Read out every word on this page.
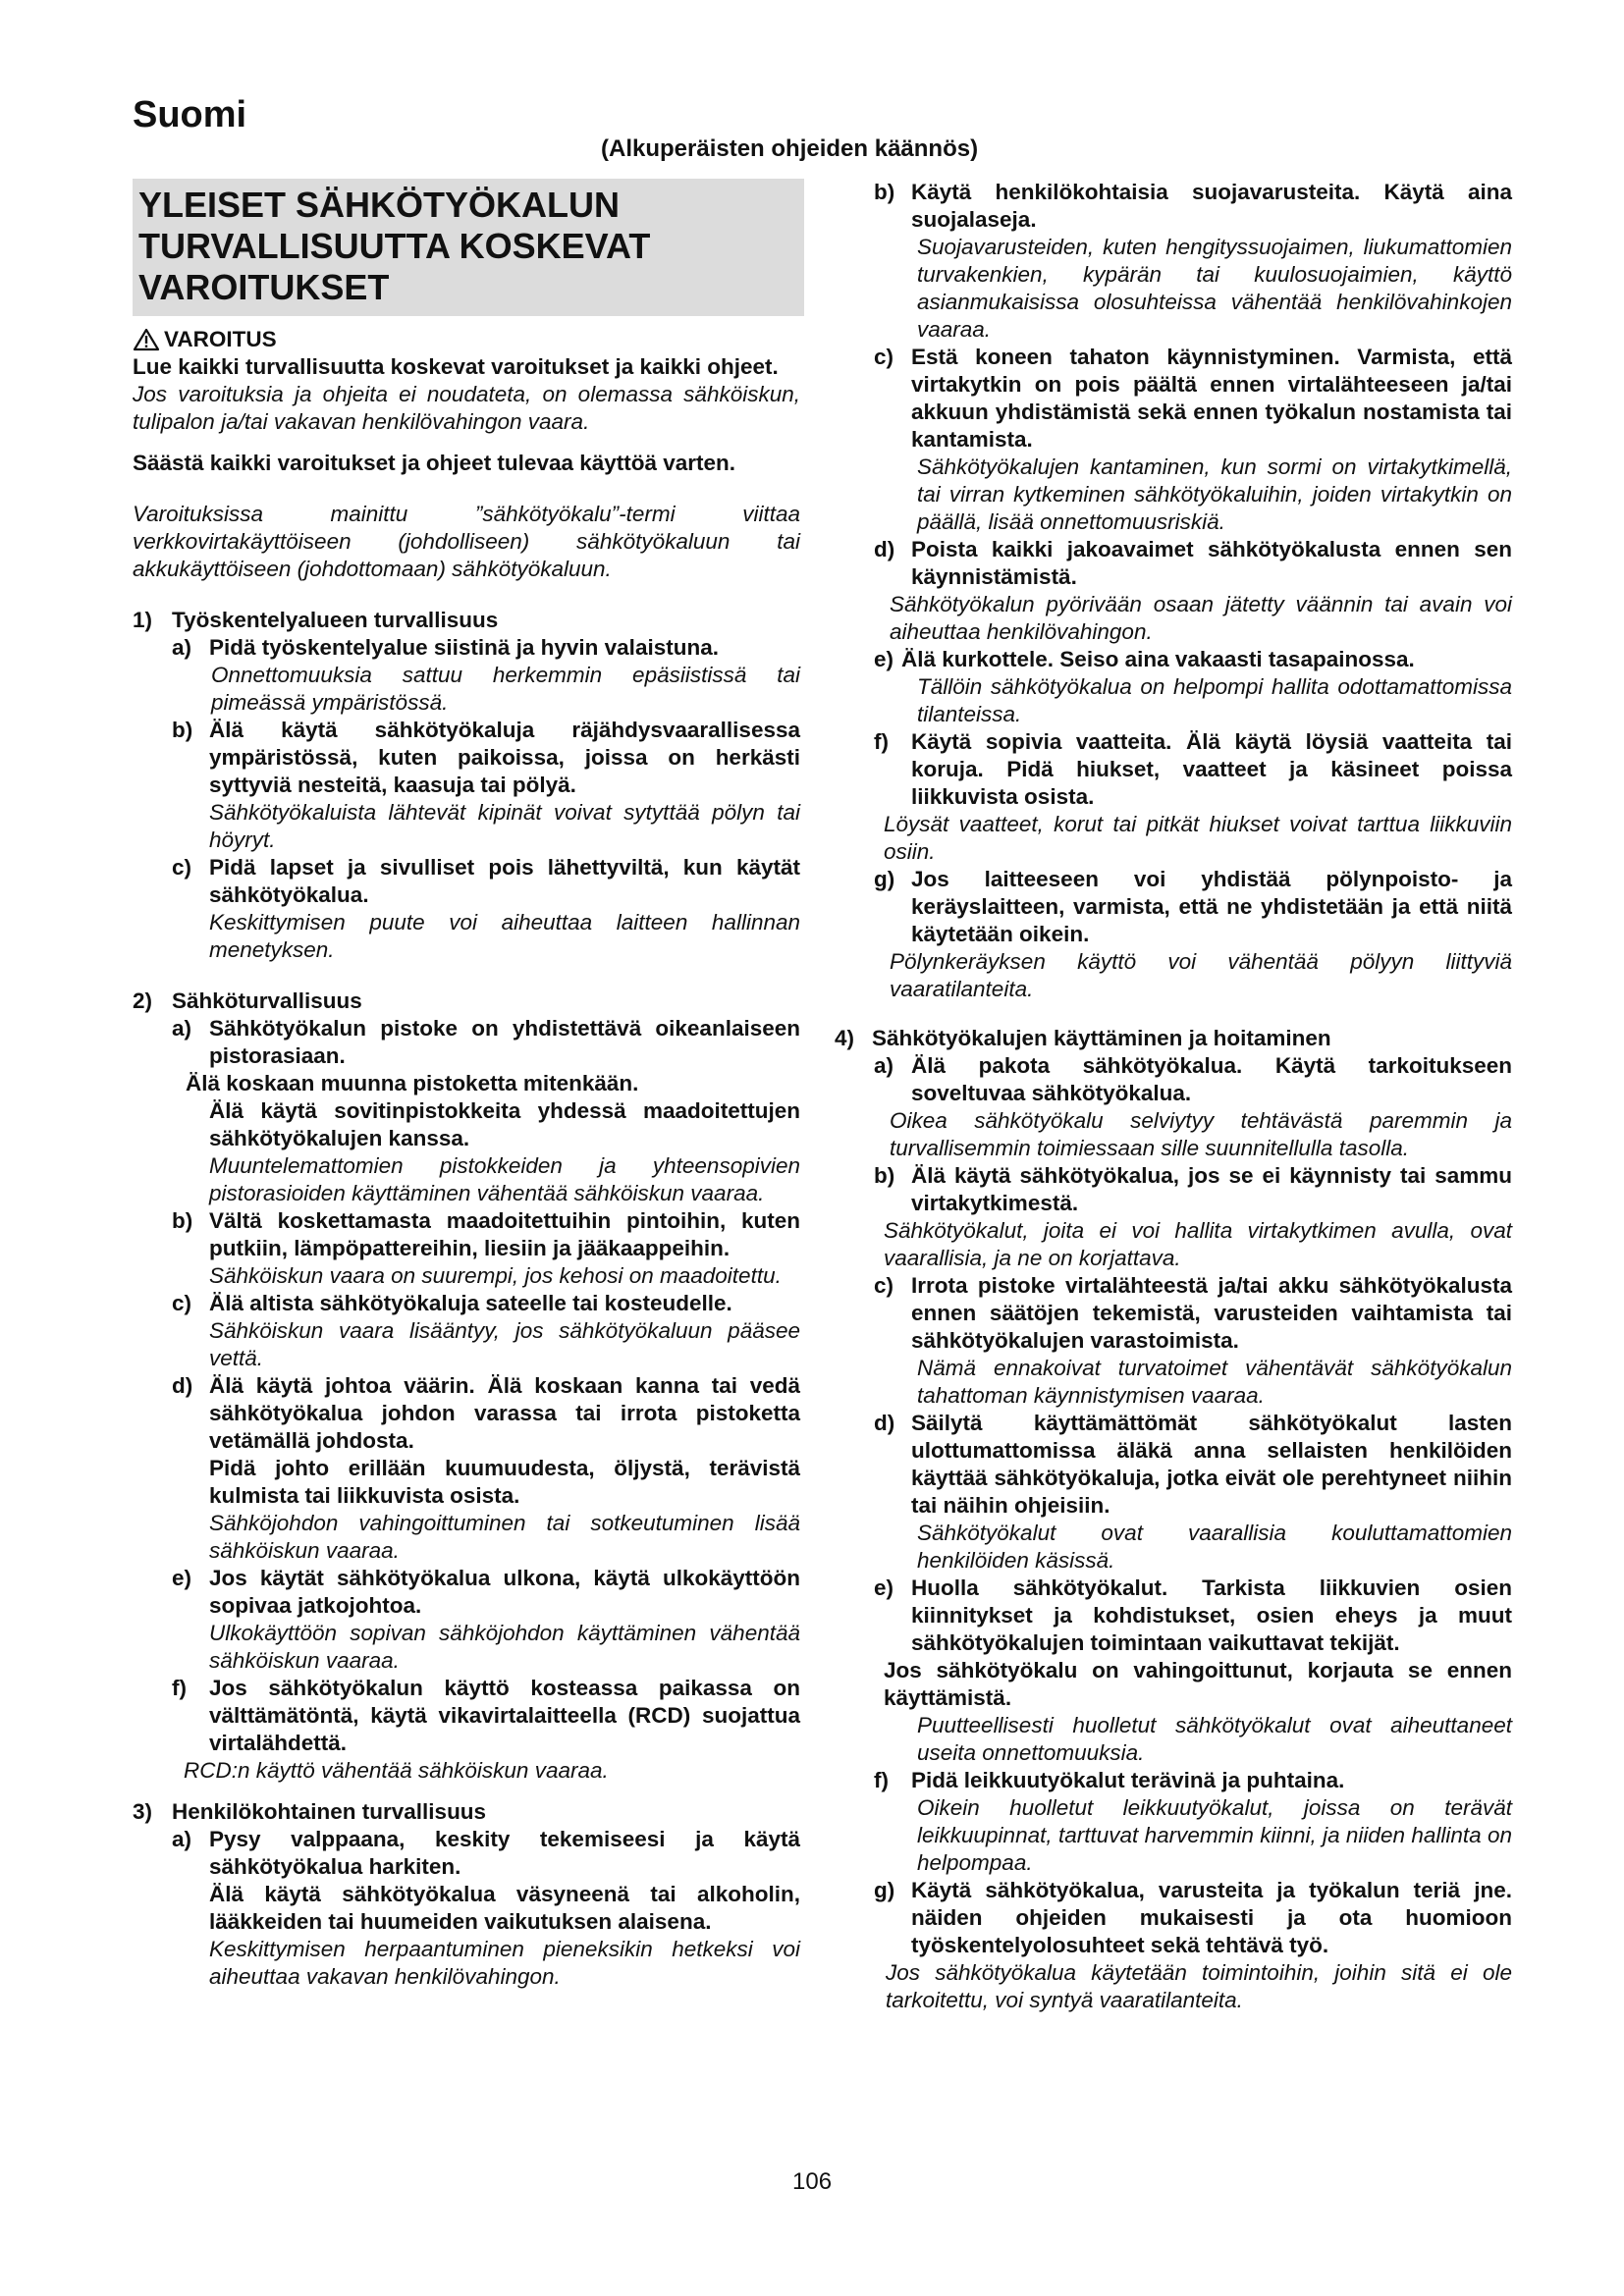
Suomi
(Alkuperäisten ohjeiden käännös)
YLEISET SÄHKÖTYÖKALUN TURVALLISUUTTA KOSKEVAT VAROITUKSET
VAROITUS

Lue kaikki turvallisuutta koskevat varoitukset ja kaikki ohjeet.

Jos varoituksia ja ohjeita ei noudateta, on olemassa sähköiskun, tulipalon ja/tai vakavan henkilövahingon vaara.

Säästä kaikki varoitukset ja ohjeet tulevaa käyttöä varten.

Varoituksissa mainittu ”sähkötyökalu”-termi viittaa verkkovirtakäyttöiseen (johdolliseen) sähkötyökaluun tai akkukäyttöiseen (johdottomaan) sähkötyökaluun.

1) Työskentelyalueen turvallisuus
a) Pidä työskentelyalue siistinä ja hyvin valaistuna.

Onnettomuuksia sattuu herkemmin epäsiistissä tai pimeässä ympäristössä.

b) Älä käytä sähkötyökaluja räjähdysvaarallisessa ympäristössä, kuten paikoissa, joissa on herkästi syttyviä nesteitä, kaasuja tai pölyä.

Sähkötyökaluista lähtevät kipinät voivat sytyttää pölyn tai höyryt.

c) Pidä lapset ja sivulliset pois lähettyviltä, kun käytät sähkötyökalua.

Keskittymisen puute voi aiheuttaa laitteen hallinnan menetyksen.

2) Sähköturvallisuus
a) Sähkötyökalun pistoke on yhdistettävä oikeanlaiseen pistorasiaan.

Älä koskaan muunna pistoketta mitenkään.

Älä käytä sovitinpistokkeita yhdessä maadoitettujen sähkötyökalujen kanssa.

Muuntelemattomien pistokkeiden ja yhteensopivien pistorasioiden käyttäminen vähentää sähköiskun vaaraa.

b) Vältä koskettamasta maadoitettuihin pintoihin, kuten putkiin, lämpöpattereihin, liesiin ja jääkaappeihin.

Sähköiskun vaara on suurempi, jos kehosi on maadoitettu.

c) Älä altista sähkötyökaluja sateelle tai kosteudelle.

Sähköiskun vaara lisääntyy, jos sähkötyökaluun pääsee vettä.

d) Älä käytä johtoa väärin. Älä koskaan kanna tai vedä sähkötyökalua johdon varassa tai irrota pistoketta vetämällä johdosta.

Pidä johto erillään kuumuudesta, öljystä, terävistä kulmista tai liikkuvista osista.

Sähköjohdon vahingoittuminen tai sotkeutuminen lisää sähköiskun vaaraa.

e) Jos käytät sähkötyökalua ulkona, käytä ulkokäyttöön sopivaa jatkojohtoa.

Ulkokäyttöön sopivan sähköjohdon käyttäminen vähentää sähköiskun vaaraa.

f)	Jos sähkötyökalun käyttö kosteassa paikassa on välttämätöntä, käytä vikavirtalaitteella (RCD) suojattua virtalähdettä.

RCD:n käyttö vähentää sähköiskun vaaraa.

3) Henkilökohtainen turvallisuus
a) Pysy valppaana, keskity tekemiseesi ja käytä sähkötyökalua harkiten.

Älä käytä sähkötyökalua väsyneenä tai alkoholin, lääkkeiden tai huumeiden vaikutuksen alaisena.

Keskittymisen herpaantuminen pieneksikin hetkeksi voi aiheuttaa vakavan henkilövahingon.

b) Käytä henkilökohtaisia suojavarusteita. Käytä aina suojalaseja.

Suojavarusteiden, kuten hengityssuojaimen, liukumattomien turvakenkien, kypärän tai kuulosuojaimien, käyttö asianmukaisissa olosuhteissa vähentää henkilövahinkojen vaaraa.

c) Estä koneen tahaton käynnistyminen. Varmista, että virtakytkin on pois päältä ennen virtalähteeseen ja/tai akkuun yhdistämistä sekä ennen työkalun nostamista tai kantamista.

Sähkötyökalujen kantaminen, kun sormi on virtakytkimellä, tai virran kytkeminen sähkötyökaluihin, joiden virtakytkin on päällä, lisää onnettomuusriskiä.

d) Poista kaikki jakoavaimet sähkötyökalusta ennen sen käynnistämistä.

Sähkötyökalun pyörivään osaan jätetty väännin tai avain voi aiheuttaa henkilövahingon.

e) Älä kurkottele. Seiso aina vakaasti tasapainossa.

Tällöin sähkötyökalua on helpompi hallita odottamattomissa tilanteissa.

f)	Käytä sopivia vaatteita. Älä käytä löysiä vaatteita tai koruja. Pidä hiukset, vaatteet ja käsineet poissa liikkuvista osista.

Löysät vaatteet, korut tai pitkät hiukset voivat tarttua liikkuviin osiin.

g) Jos laitteeseen voi yhdistää pölynpoisto- ja keräyslaitteen, varmista, että ne yhdistetään ja että niitä käytetään oikein.

Pölynkeräyksen käyttö voi vähentää pölyyn liittyviä vaaratilanteita.

4) Sähkötyökalujen käyttäminen ja hoitaminen
a) Älä pakota sähkötyökalua. Käytä tarkoitukseen soveltuvaa sähkötyökalua.

Oikea sähkötyökalu selviytyy tehtävästä paremmin ja turvallisemmin toimiessaan sille suunnitellulla tasolla.

b) Älä käytä sähkötyökalua, jos se ei käynnisty tai sammu virtakytkimestä.

Sähkötyökalut, joita ei voi hallita virtakytkimen avulla, ovat vaarallisia, ja ne on korjattava.

c) Irrota pistoke virtalähteestä ja/tai akku sähkötyökalusta ennen säätöjen tekemistä, varusteiden vaihtamista tai sähkötyökalujen varastoimista.

Nämä ennakoivat turvatoimet vähentävät sähkötyökalun tahattoman käynnistymisen vaaraa.

d) Säilytä käyttämättömät sähkötyökalut lasten ulottumattomissa äläkä anna sellaisten henkilöiden käyttää sähkötyökaluja, jotka eivät ole perehtyneet niihin tai näihin ohjeisiin.

Sähkötyökalut ovat vaarallisia kouluttamattomien henkilöiden käsissä.

e) Huolla sähkötyökalut. Tarkista liikkuvien osien kiinnitykset ja kohdistukset, osien eheys ja muut sähkötyökalujen toimintaan vaikuttavat tekijät.

Jos sähkötyökalu on vahingoittunut, korjauta se ennen käyttämistä.

Puutteellisesti huolletut sähkötyökalut ovat aiheuttaneet useita onnettomuuksia.

f)	Pidä leikkuutyökalut terävinä ja puhtaina.

Oikein huolletut leikkuutyökalut, joissa on terävät leikkuupinnat, tarttuvat harvemmin kiinni, ja niiden hallinta on helpompaa.

g) Käytä sähkötyökalua, varusteita ja työkalun teriä jne. näiden ohjeiden mukaisesti ja ota huomioon työskentelyolosuhteet sekä tehtävä työ.

Jos sähkötyökalua käytetään toimintoihin, joihin sitä ei ole tarkoitettu, voi syntyä vaaratilanteita.

106
